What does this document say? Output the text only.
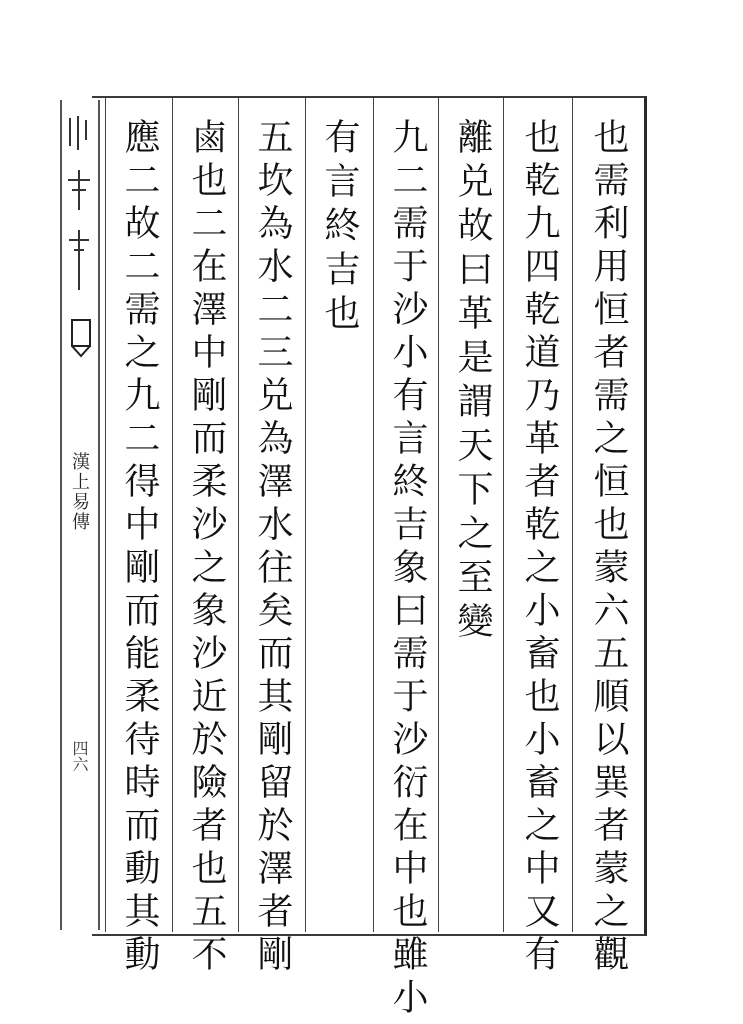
也需利用恒者需之恒也蒙六五順以巽者蒙之觀
也乾九四乾道乃革者乾之小畜也小畜之中又有
離兑故曰革是謂天下之至變
九二需于沙小有言終吉象曰需于沙衍在中也雖小
有言終吉也
五坎為水二三兑為澤水往矣而其剛留於澤者剛
鹵也二在澤中剛而柔沙之象沙近於險者也五不
應二故二需之九二得中剛而能柔待時而動其動
漢上易傳
四六
